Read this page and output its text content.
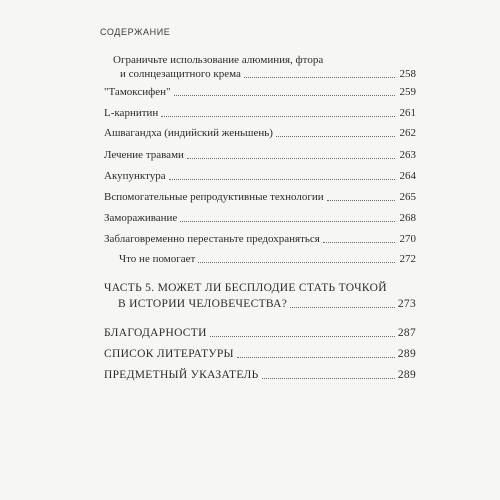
СОДЕРЖАНИЕ
Ограничьте использование алюминия, фтора
и солнцезащитного крема	258
"Тамоксифен"	259
L-карнитин	261
Ашвагандха (индийский женьшень)	262
Лечение травами	263
Акупунктура	264
Вспомогательные репродуктивные технологии	265
Замораживание	268
Заблаговременно перестаньте предохраняться	270
Что не помогает	272
ЧАСТЬ 5. МОЖЕТ ЛИ БЕСПЛОДИЕ СТАТЬ ТОЧКОЙ
В ИСТОРИИ ЧЕЛОВЕЧЕСТВА?	273
БЛАГОДАРНОСТИ	287
СПИСОК ЛИТЕРАТУРЫ	289
ПРЕДМЕТНЫЙ УКАЗАТЕЛЬ	289
